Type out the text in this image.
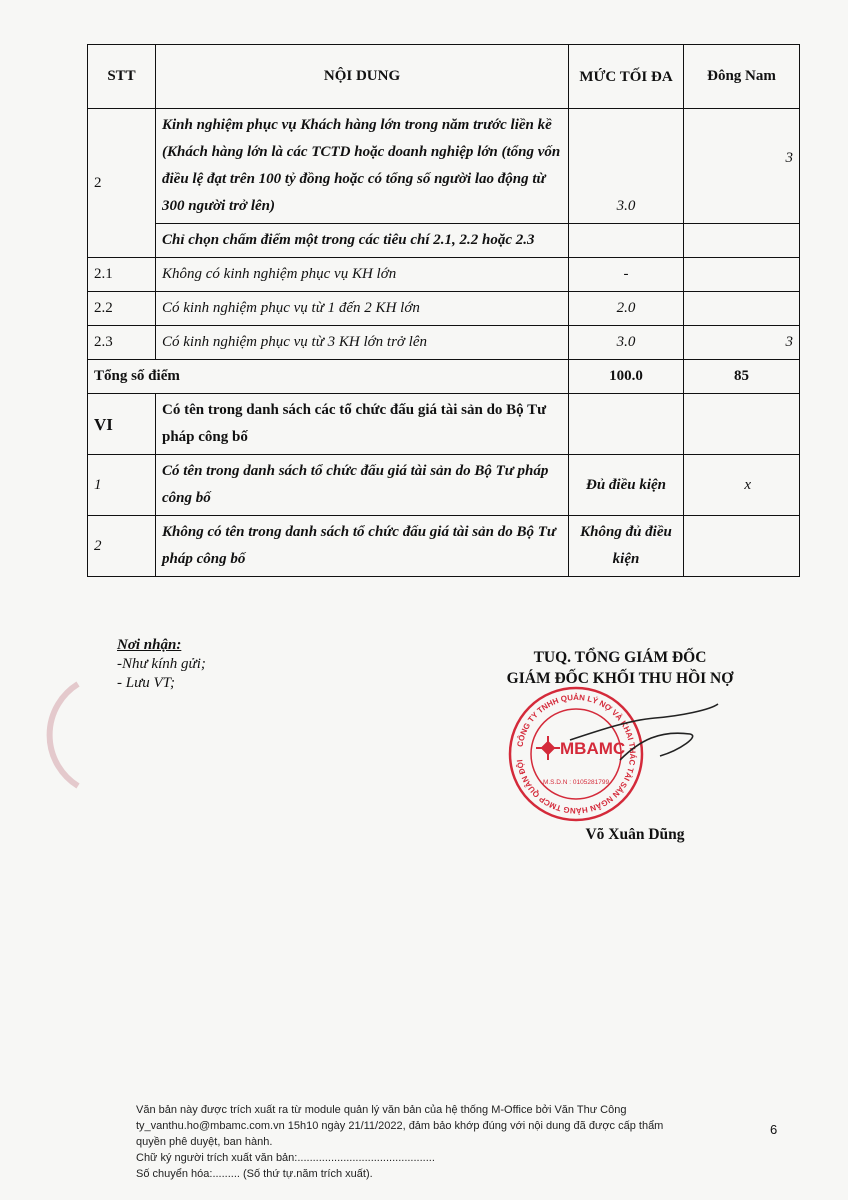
STT	NỘI DUNG	MỨC TỐI ĐA	Đông Nam
2	Kinh nghiệm phục vụ Khách hàng lớn trong năm trước liền kề (Khách hàng lớn là các TCTD hoặc doanh nghiệp lớn (tổng vốn điều lệ đạt trên 100 tỷ đồng hoặc có tổng số người lao động từ 300 người trở lên)	3.0	3
	Chỉ chọn chấm điểm một trong các tiêu chí 2.1, 2.2 hoặc 2.3		
2.1	Không có kinh nghiệm phục vụ KH lớn	-	
2.2	Có kinh nghiệm phục vụ từ 1 đến 2 KH lớn	2.0	
2.3	Có kinh nghiệm phục vụ từ 3 KH lớn trở lên	3.0	3
Tổng số điểm		100.0	85
VI	Có tên trong danh sách các tổ chức đấu giá tài sản do Bộ Tư pháp công bố		
1	Có tên trong danh sách tổ chức đấu giá tài sản do Bộ Tư pháp công bố	Đủ điều kiện	x
2	Không có tên trong danh sách tổ chức đấu giá tài sản do Bộ Tư pháp công bố	Không đủ điều kiện	
Nơi nhận:
-Như kính gửi;
- Lưu VT;
TUQ. TỔNG GIÁM ĐỐC
GIÁM ĐỐC KHỐI THU HỒI NỢ
CÔNG TY TNHH QUẢN LÝ NỢ VÀ KHAI THÁC TÀI SẢN NGÂN HÀNG TMCP QUÂN ĐỘI
MBAMC
M.S.D.N : 0105281799
Võ Xuân Dũng
Văn bản này được trích xuất ra từ module quản lý văn bản của hệ thống M-Office bởi Văn Thư Công
ty_vanthu.ho@mbamc.com.vn 15h10 ngày 21/11/2022, đảm bảo khớp đúng với nội dung đã được cấp thẩm
quyền phê duyệt, ban hành.
Chữ ký người trích xuất văn bản:.............................................
Số chuyển hóa:......... (Số thứ tự.năm trích xuất).
6
